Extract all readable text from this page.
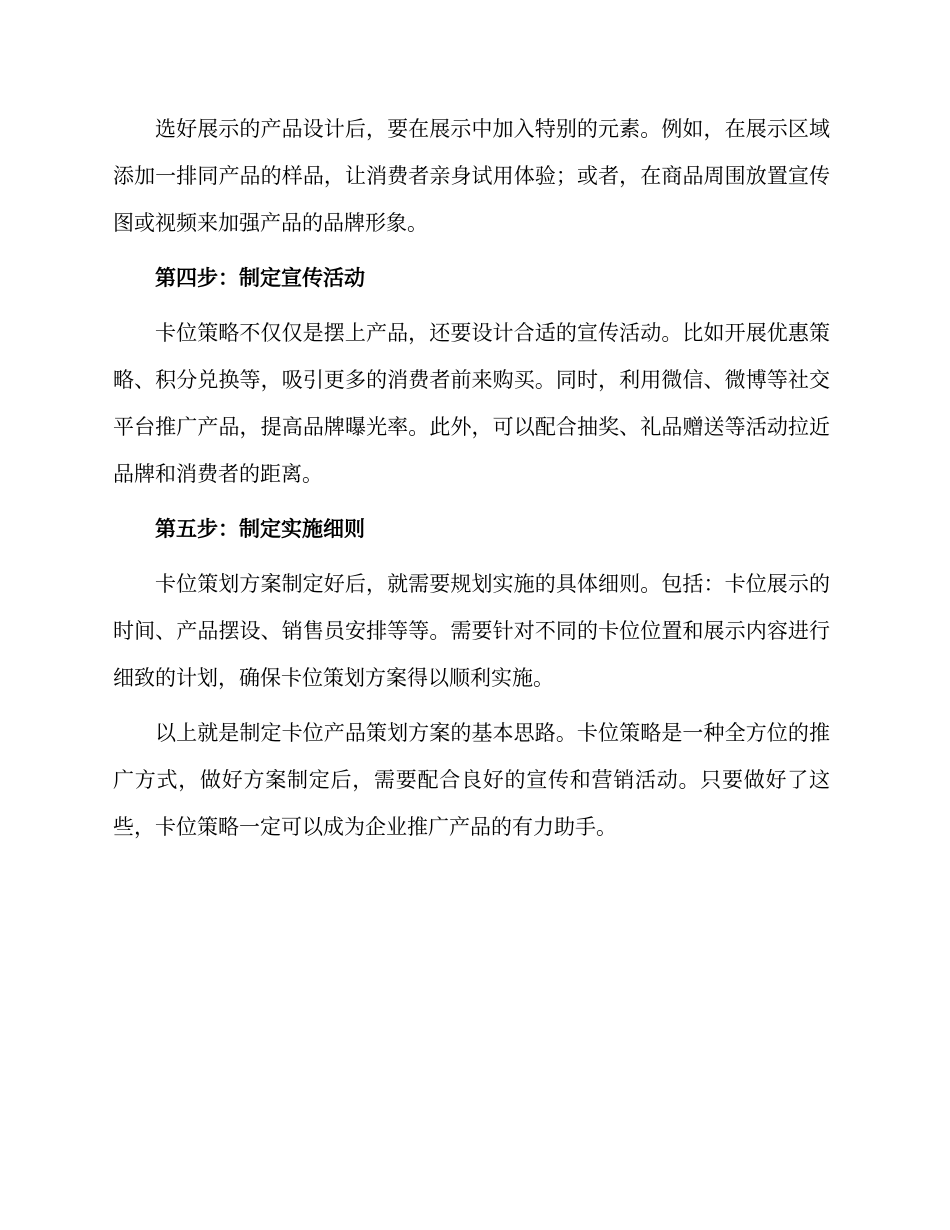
选好展示的产品设计后，要在展示中加入特别的元素。例如，在展示区域添加一排同产品的样品，让消费者亲身试用体验；或者，在商品周围放置宣传图或视频来加强产品的品牌形象。

第四步：制定宣传活动

卡位策略不仅仅是摆上产品，还要设计合适的宣传活动。比如开展优惠策略、积分兑换等，吸引更多的消费者前来购买。同时，利用微信、微博等社交平台推广产品，提高品牌曝光率。此外，可以配合抽奖、礼品赠送等活动拉近品牌和消费者的距离。

第五步：制定实施细则

卡位策划方案制定好后，就需要规划实施的具体细则。包括：卡位展示的时间、产品摆设、销售员安排等等。需要针对不同的卡位位置和展示内容进行细致的计划，确保卡位策划方案得以顺利实施。

以上就是制定卡位产品策划方案的基本思路。卡位策略是一种全方位的推广方式，做好方案制定后，需要配合良好的宣传和营销活动。只要做好了这些，卡位策略一定可以成为企业推广产品的有力助手。
